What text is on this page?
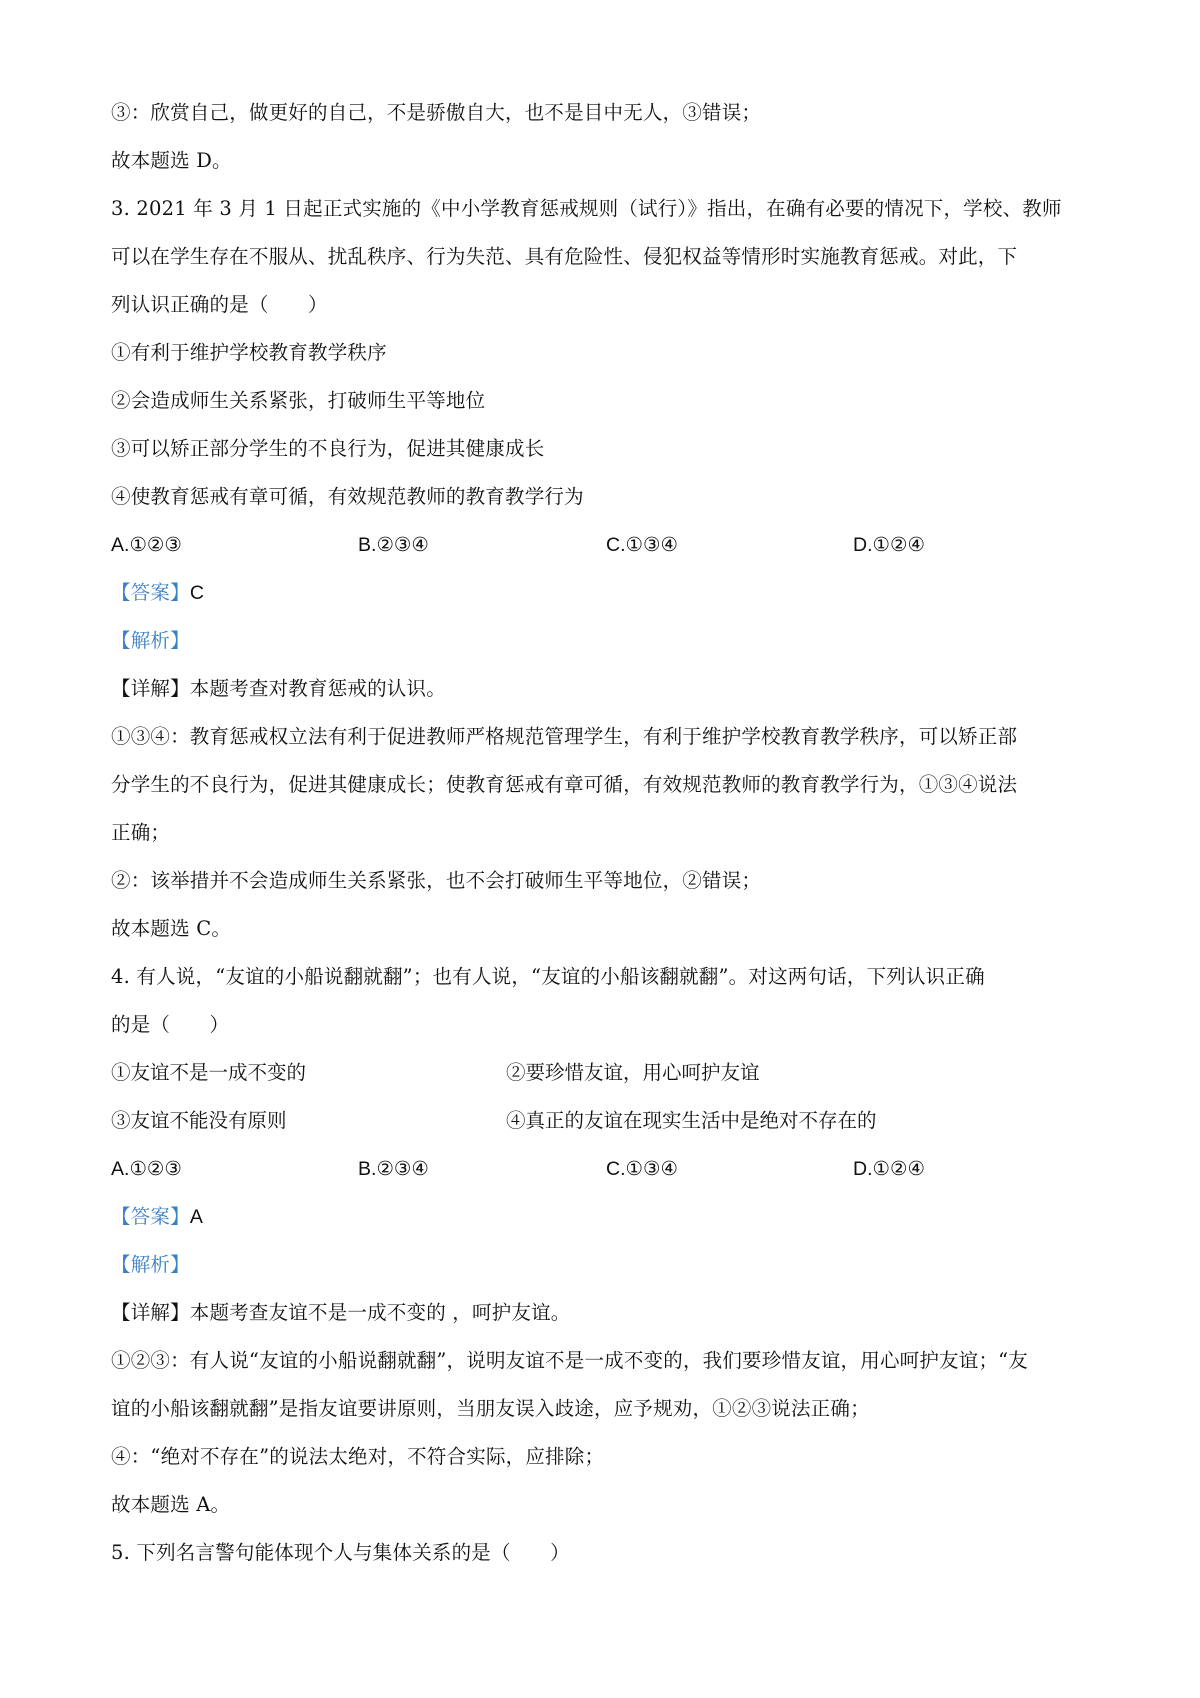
③：欣赏自己，做更好的自己，不是骄傲自大，也不是目中无人，③错误；
故本题选 D。
3. 2021 年 3 月 1 日起正式实施的《中小学教育惩戒规则（试行）》指出，在确有必要的情况下，学校、教师
可以在学生存在不服从、扰乱秩序、行为失范、具有危险性、侵犯权益等情形时实施教育惩戒。对此，下
列认识正确的是（　　）
①有利于维护学校教育教学秩序
②会造成师生关系紧张，打破师生平等地位
③可以矫正部分学生的不良行为，促进其健康成长
④使教育惩戒有章可循，有效规范教师的教育教学行为
A.①②③	B.②③④	C.①③④	D.①②④
【答案】C
【解析】
【详解】本题考查对教育惩戒的认识。
①③④：教育惩戒权立法有利于促进教师严格规范管理学生，有利于维护学校教育教学秩序，可以矫正部
分学生的不良行为，促进其健康成长；使教育惩戒有章可循，有效规范教师的教育教学行为，①③④说法
正确；
②：该举措并不会造成师生关系紧张，也不会打破师生平等地位，②错误；
故本题选 C。
4. 有人说，“友谊的小船说翻就翻”；也有人说，“友谊的小船该翻就翻”。对这两句话，下列认识正确
的是（　　）
①友谊不是一成不变的	②要珍惜友谊，用心呵护友谊
③友谊不能没有原则	④真正的友谊在现实生活中是绝对不存在的
A.①②③	B.②③④	C.①③④	D.①②④
【答案】A
【解析】
【详解】本题考查友谊不是一成不变的 ，呵护友谊。
①②③：有人说“友谊的小船说翻就翻”，说明友谊不是一成不变的，我们要珍惜友谊，用心呵护友谊；“友
谊的小船该翻就翻”是指友谊要讲原则，当朋友误入歧途，应予规劝，①②③说法正确；
④：“绝对不存在”的说法太绝对，不符合实际，应排除；
故本题选 A。
5. 下列名言警句能体现个人与集体关系的是（　　）
